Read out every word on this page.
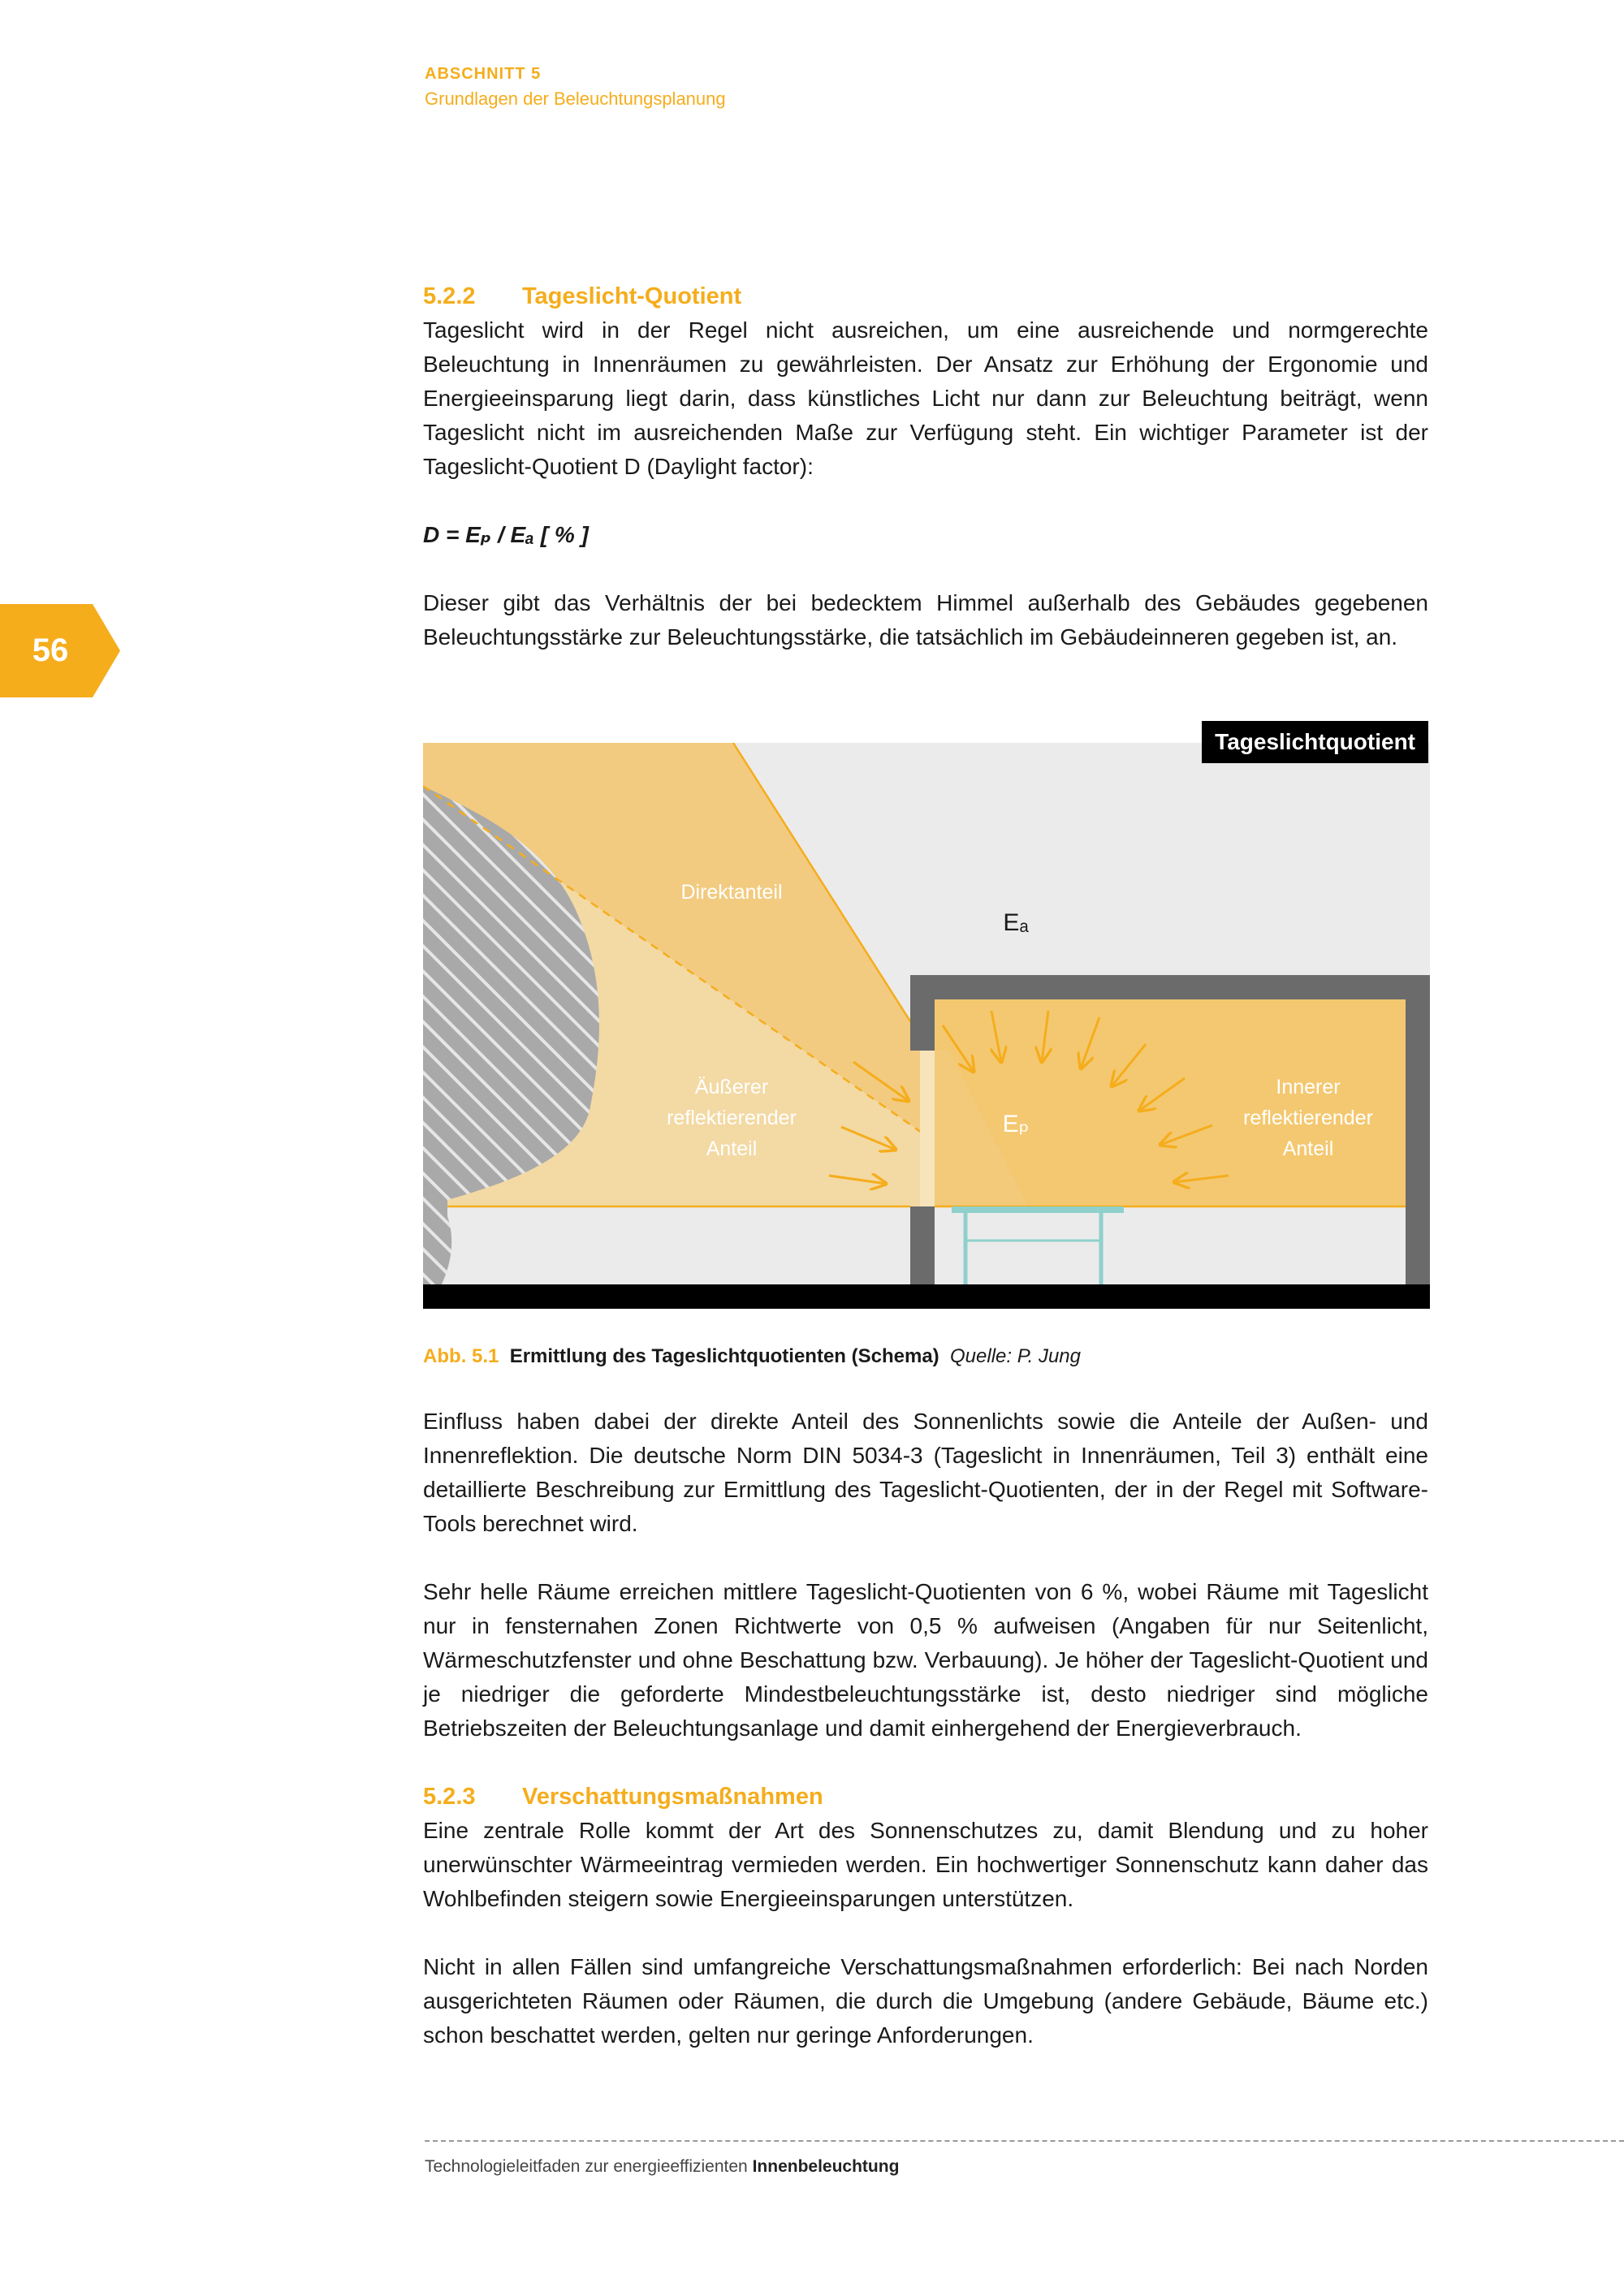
ABSCHNITT 5
Grundlagen der Beleuchtungsplanung
56
5.2.2 Tageslicht-Quotient

Tageslicht wird in der Regel nicht ausreichen, um eine ausreichende und normgerechte Beleuchtung in Innenräumen zu gewährleisten. Der Ansatz zur Erhöhung der Ergonomie und Energieeinsparung liegt darin, dass künstliches Licht nur dann zur Beleuchtung beiträgt, wenn Tageslicht nicht im ausreichenden Maße zur Verfügung steht. Ein wichtiger Parameter ist der Tageslicht-Quotient D (Daylight factor):

D = Eₚ / Eₐ [ % ]

Dieser gibt das Verhältnis der bei bedecktem Himmel außerhalb des Gebäudes gegebenen Beleuchtungsstärke zur Beleuchtungsstärke, die tatsächlich im Gebäudeinneren gegeben ist, an.

Tageslichtquotient
Direktanteil
Eₐ
Äußerer
reflektierender
Anteil
Eₚ
Innerer
reflektierender
Anteil
Abb. 5.1 Ermittlung des Tageslichtquotienten (Schema) Quelle: P. Jung

Einfluss haben dabei der direkte Anteil des Sonnenlichts sowie die Anteile der Außen- und Innenreflektion. Die deutsche Norm DIN 5034-3 (Tageslicht in Innenräumen, Teil 3) enthält eine detaillierte Beschreibung zur Ermittlung des Tageslicht-Quotienten, der in der Regel mit Software-Tools berechnet wird.

Sehr helle Räume erreichen mittlere Tageslicht-Quotienten von 6 %, wobei Räume mit Tageslicht nur in fensternahen Zonen Richtwerte von 0,5 % aufweisen (Angaben für nur Seitenlicht, Wärmeschutzfenster und ohne Beschattung bzw. Verbauung). Je höher der Tageslicht-Quotient und je niedriger die geforderte Mindestbeleuchtungsstärke ist, desto niedriger sind mögliche Betriebszeiten der Beleuchtungsanlage und damit einhergehend der Energieverbrauch.

5.2.3 Verschattungsmaßnahmen

Eine zentrale Rolle kommt der Art des Sonnenschutzes zu, damit Blendung und zu hoher unerwünschter Wärmeeintrag vermieden werden. Ein hochwertiger Sonnenschutz kann daher das Wohlbefinden steigern sowie Energieeinsparungen unterstützen.

Nicht in allen Fällen sind umfangreiche Verschattungsmaßnahmen erforderlich: Bei nach Norden ausgerichteten Räumen oder Räumen, die durch die Umgebung (andere Gebäude, Bäume etc.) schon beschattet werden, gelten nur geringe Anforderungen.

Technologieleitfaden zur energieeffizienten Innenbeleuchtung
